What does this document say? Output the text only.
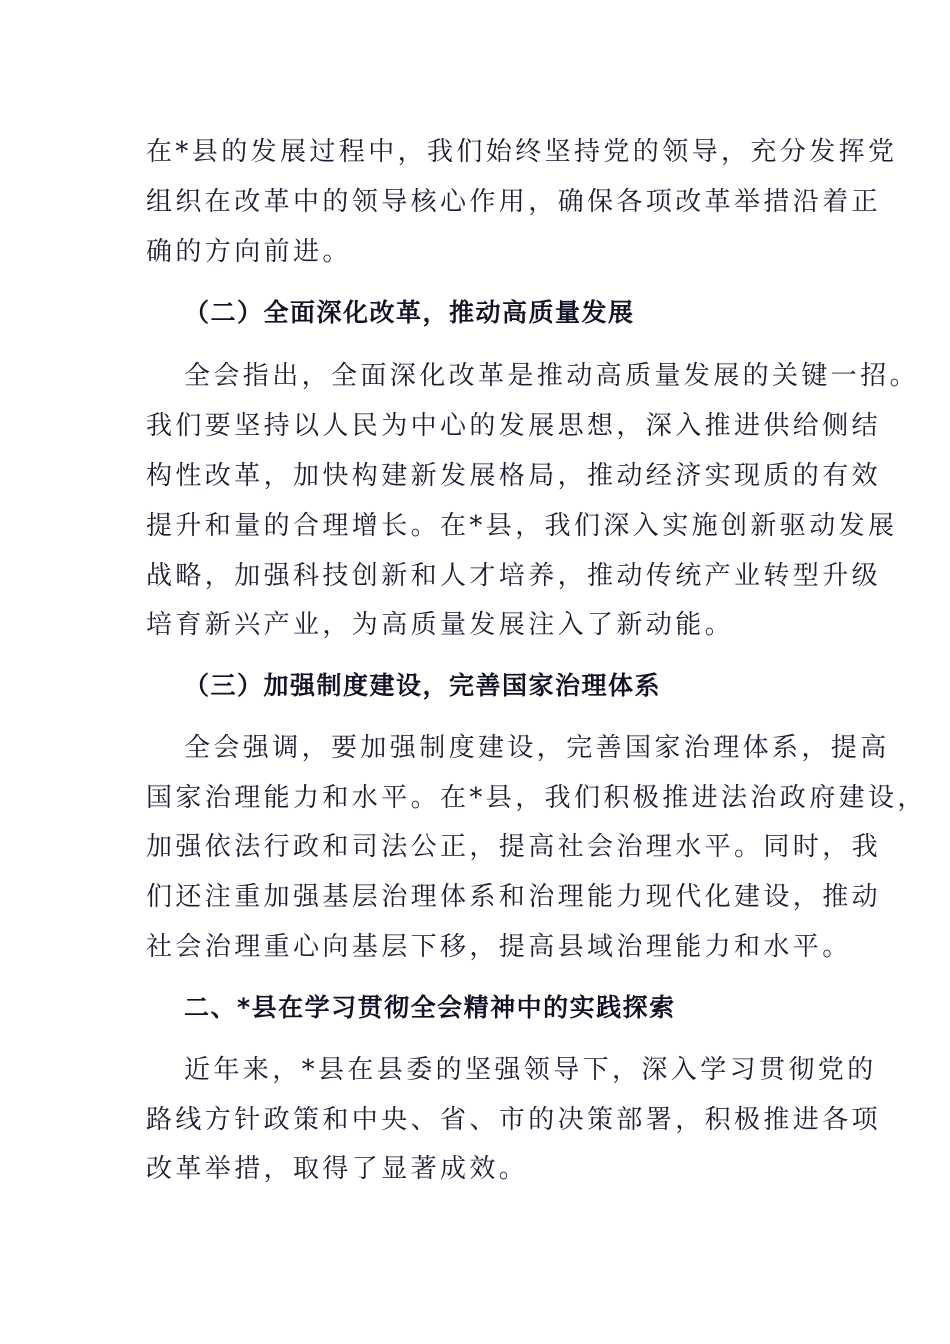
在*县的发展过程中，我们始终坚持党的领导，充分发挥党
组织在改革中的领导核心作用，确保各项改革举措沿着正
确的方向前进。
（二）全面深化改革，推动高质量发展
全会指出，全面深化改革是推动高质量发展的关键一招。
我们要坚持以人民为中心的发展思想，深入推进供给侧结
构性改革，加快构建新发展格局，推动经济实现质的有效
提升和量的合理增长。在*县，我们深入实施创新驱动发展
战略，加强科技创新和人才培养，推动传统产业转型升级
培育新兴产业，为高质量发展注入了新动能。
（三）加强制度建设，完善国家治理体系
全会强调，要加强制度建设，完善国家治理体系，提高
国家治理能力和水平。在*县，我们积极推进法治政府建设，
加强依法行政和司法公正，提高社会治理水平。同时，我
们还注重加强基层治理体系和治理能力现代化建设，推动
社会治理重心向基层下移，提高县域治理能力和水平。
二、*县在学习贯彻全会精神中的实践探索
近年来，*县在县委的坚强领导下，深入学习贯彻党的
路线方针政策和中央、省、市的决策部署，积极推进各项
改革举措，取得了显著成效。
